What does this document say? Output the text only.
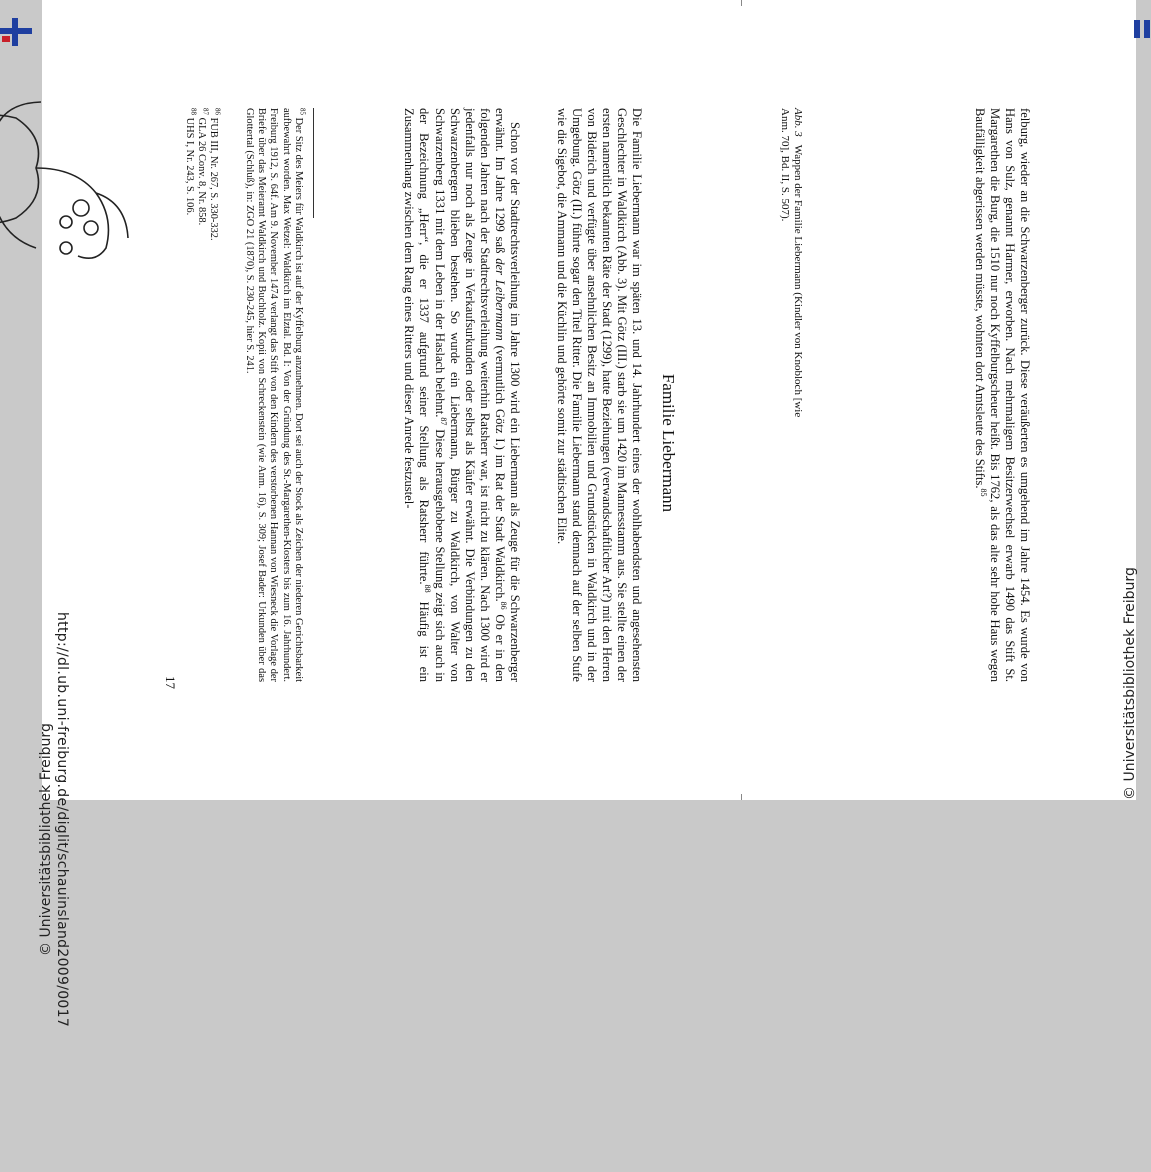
felburg, wieder an die Schwarzenberger zurück. Diese veräußerten es umgehend im Jahre 1454. Es wurde von Hans von Sulz, genannt Harmer, erworben. Nach mehrmaligem Besitzerwechsel erwarb 1490 das Stift St. Margarethen die Burg, die 1510 nur noch Kyffelburgscheuer heißt. Bis 1762, als das alte sehr hohe Haus wegen Baufälligkeit abgerissen werden müsste, wohnten dort Amtsleute des Stifts.$^{85}$
Abb. 3Wappen der Familie Liebermann (Kindler von Knobloch [wie Anm. 70], Bd. II, S. 507).
Familie Liebermann
Die Familie Liebermann war im späten 13. und 14. Jahrhundert eines der wohlhabendsten und angesehensten Geschlechter in Waldkirch (Abb. 3). Mit Götz (III.) starb sie um 1420 im Mannesstamm aus. Sie stellte einen der ersten namentlich bekannten Räte der Stadt (1299), hatte Beziehungen (verwandschaftlicher Art?) mit den Herren von Biderich und verfügte über ansehnlichen Besitz an Immobilien und Grundstücken in Waldkirch und in der Umgebung. Götz (II.) führte sogar den Titel Ritter. Die Familie Liebermann stand demnach auf der selben Stufe wie die Sigebot, die Ammann und die Küchlin und gehörte somit zur städtischen Elite.
Schon vor der Stadtrechtsverleihung im Jahre 1300 wird ein Liebermann als Zeuge für die Schwarzenberger erwähnt. Im Jahre 1299 saß der Leibermann (vermutlich Götz I.) im Rat der Stadt Waldkirch.$^{86}$ Ob er in den folgenden Jahren nach der Stadtrechtsverleihung weiterhin Ratsherr war, ist nicht zu klären. Nach 1300 wird er jedenfalls nur noch als Zeuge in Verkaufsurkunden oder selbst als Käufer erwähnt. Die Verbindungen zu den Schwarzenbergern blieben bestehen. So wurde ein Liebermann, Bürger zu Waldkirch, von Walter von Schwarzenberg 1331 mit dem Leben in der Haslach belehnt.$^{87}$ Diese herausgehobene Stellung zeigt sich auch in der Bezeichnung „Herr“, die er 1337 aufgrund seiner Stellung als Ratsherr führte.$^{88}$ Häufig ist ein Zusammenhang zwischen dem Rang eines Ritters und dieser Anrede festzustel-
$^{85}$ Der Sitz des Meiers für Waldkirch ist auf der Kyffelburg anzunehmen. Dort sei auch der Stock als Zeichen der niederen Gerichtsbarkeit aufbewahrt worden. Max Wetzel: Waldkirch im Elztal. Bd. I: Von der Gründung des St.-Margarethen-Klosters bis zum 16. Jahrhundert. Freiburg 1912, S. 64f. Am 9. November 1474 verlangt das Stift von den Kindern des verstorbenen Hannan von Wiesneck die Vorlage der Briefe über das Meieramt Waldkirch und Buchholz. Kopii von Schreckenstein (wie Anm. 16), S. 309; Josef Bader: Urkunden über das Glottertal (Schluß), in: ZGO 21 (1870), S. 230-245, hier S. 241.
$^{86}$ FUB III, Nr. 267, S. 330-332.
$^{87}$ GLA 26 Conv. 8, Nr. 858.
$^{88}$ UHS I, Nr. 243, S. 106.
17
http://dl.ub.uni-freiburg.de/diglit/schauinsland2009/0017
© Universitätsbibliothek Freiburg
© Universitätsbibliothek Freiburg
